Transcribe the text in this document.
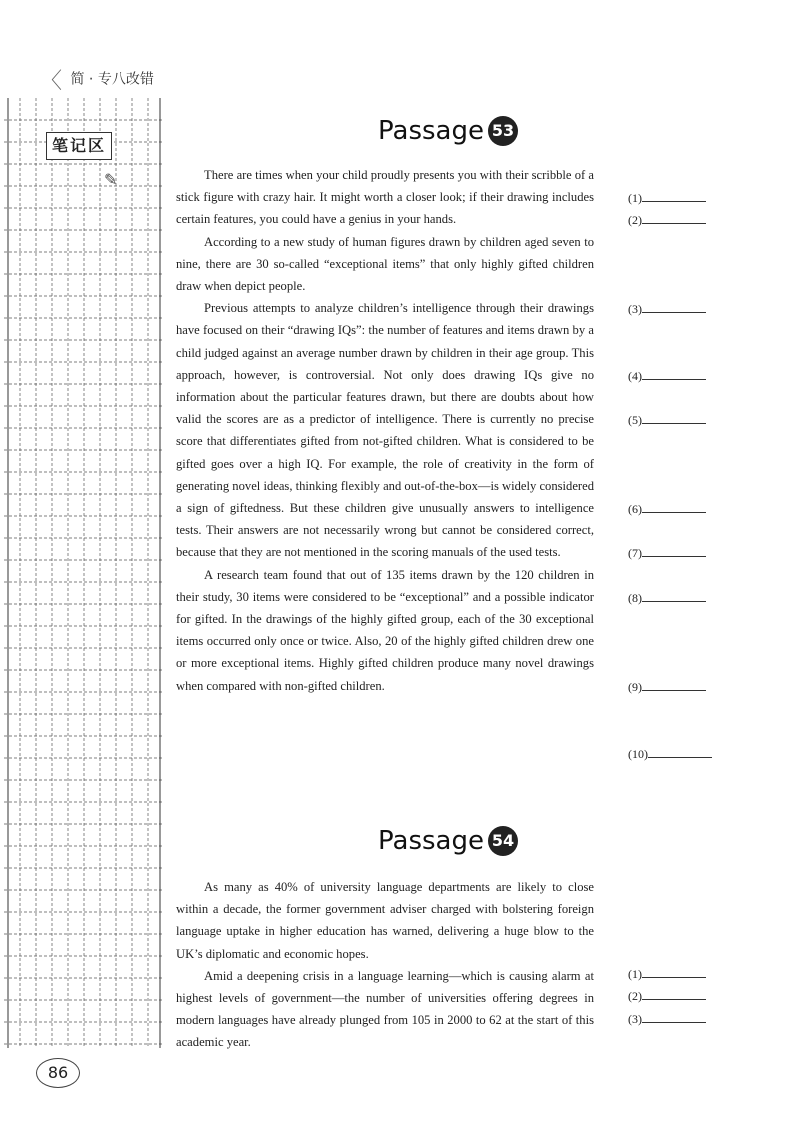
〈 简 · 专八改错
笔记区
✎
Passage 53

There are times when your child proudly presents you with their scribble of a stick figure with crazy hair. It might worth a closer look; if their drawing includes certain features, you could have a genius in your hands.

According to a new study of human figures drawn by children aged seven to nine, there are 30 so-called “exceptional items” that only highly gifted children draw when depict people.

Previous attempts to analyze children’s intelligence through their drawings have focused on their “drawing IQs”: the number of features and items drawn by a child judged against an average number drawn by children in their age group. This approach, however, is controversial. Not only does drawing IQs give no information about the particular features drawn, but there are doubts about how valid the scores are as a predictor of intelligence. There is currently no precise score that differentiates gifted from not-gifted children. What is considered to be gifted goes over a high IQ. For example, the role of creativity in the form of generating novel ideas, thinking flexibly and out-of-the-box—is widely considered a sign of giftedness. But these children give unusually answers to intelligence tests. Their answers are not necessarily wrong but cannot be considered correct, because that they are not mentioned in the scoring manuals of the used tests.

A research team found that out of 135 items drawn by the 120 children in their study, 30 items were considered to be “exceptional” and a possible indicator for gifted. In the drawings of the highly gifted group, each of the 30 exceptional items occurred only once or twice. Also, 20 of the highly gifted children drew one or more exceptional items. Highly gifted children produce many novel drawings when compared with non-gifted children.

(1)
(2)
(3)
(4)
(5)
(6)
(7)
(8)
(9)
(10)
Passage 54

As many as 40% of university language departments are likely to close within a decade, the former government adviser charged with bolstering foreign language uptake in higher education has warned, delivering a huge blow to the UK’s diplomatic and economic hopes.

Amid a deepening crisis in a language learning—which is causing alarm at highest levels of government—the number of universities offering degrees in modern languages have already plunged from 105 in 2000 to 62 at the start of this academic year.

(1)
(2)
(3)
86
